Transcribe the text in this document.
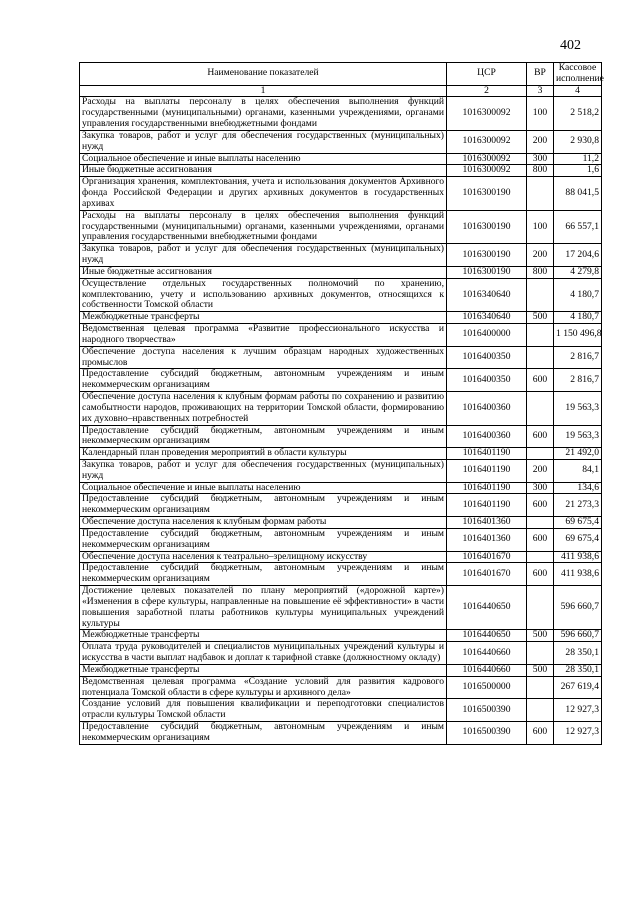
402
Наименование показателей	ЦСР	ВР	Кассовое исполнение
1	2	3	4
Расходы на выплаты персоналу в целях обеспечения выполнения функций государственными (муниципальными) органами, казенными учреждениями, органами управления государственными внебюджетными фондами	1016300092	100	2 518,2
Закупка товаров, работ и услуг для обеспечения государственных (муниципальных) нужд	1016300092	200	2 930,8
Социальное обеспечение и иные выплаты населению	1016300092	300	11,2
Иные бюджетные ассигнования	1016300092	800	1,6
Организация хранения, комплектования, учета и использования документов Архивного фонда Российской Федерации и других архивных документов в государственных архивах	1016300190		88 041,5
Расходы на выплаты персоналу в целях обеспечения выполнения функций государственными (муниципальными) органами, казенными учреждениями, органами управления государственными внебюджетными фондами	1016300190	100	66 557,1
Закупка товаров, работ и услуг для обеспечения государственных (муниципальных) нужд	1016300190	200	17 204,6
Иные бюджетные ассигнования	1016300190	800	4 279,8
Осуществление отдельных государственных полномочий по хранению, комплектованию, учету и использованию архивных документов, относящихся к собственности Томской области	1016340640		4 180,7
Межбюджетные трансферты	1016340640	500	4 180,7
Ведомственная целевая программа «Развитие профессионального искусства и народного творчества»	1016400000		1 150 496,8
Обеспечение доступа населения к лучшим образцам народных художественных промыслов	1016400350		2 816,7
Предоставление субсидий бюджетным, автономным учреждениям и иным некоммерческим организациям	1016400350	600	2 816,7
Обеспечение доступа населения к клубным формам работы по сохранению и развитию самобытности народов, проживающих на территории Томской области, формированию их духовно–нравственных потребностей	1016400360		19 563,3
Предоставление субсидий бюджетным, автономным учреждениям и иным некоммерческим организациям	1016400360	600	19 563,3
Календарный план проведения мероприятий в области культуры	1016401190		21 492,0
Закупка товаров, работ и услуг для обеспечения государственных (муниципальных) нужд	1016401190	200	84,1
Социальное обеспечение и иные выплаты населению	1016401190	300	134,6
Предоставление субсидий бюджетным, автономным учреждениям и иным некоммерческим организациям	1016401190	600	21 273,3
Обеспечение доступа населения к клубным формам работы	1016401360		69 675,4
Предоставление субсидий бюджетным, автономным учреждениям и иным некоммерческим организациям	1016401360	600	69 675,4
Обеспечение доступа населения к театрально–зрелищному искусству	1016401670		411 938,6
Предоставление субсидий бюджетным, автономным учреждениям и иным некоммерческим организациям	1016401670	600	411 938,6
Достижение целевых показателей по плану мероприятий («дорожной карте») «Изменения в сфере культуры, направленные на повышение её эффективности» в части повышения заработной платы работников культуры муниципальных учреждений культуры	1016440650		596 660,7
Межбюджетные трансферты	1016440650	500	596 660,7
Оплата труда руководителей и специалистов муниципальных учреждений культуры и искусства в части выплат надбавок и доплат к тарифной ставке (должностному окладу)	1016440660		28 350,1
Межбюджетные трансферты	1016440660	500	28 350,1
Ведомственная целевая программа «Создание условий для развития кадрового потенциала Томской области в сфере культуры и архивного дела»	1016500000		267 619,4
Создание условий для повышения квалификации и переподготовки специалистов отрасли культуры Томской области	1016500390		12 927,3
Предоставление субсидий бюджетным, автономным учреждениям и иным некоммерческим организациям	1016500390	600	12 927,3
